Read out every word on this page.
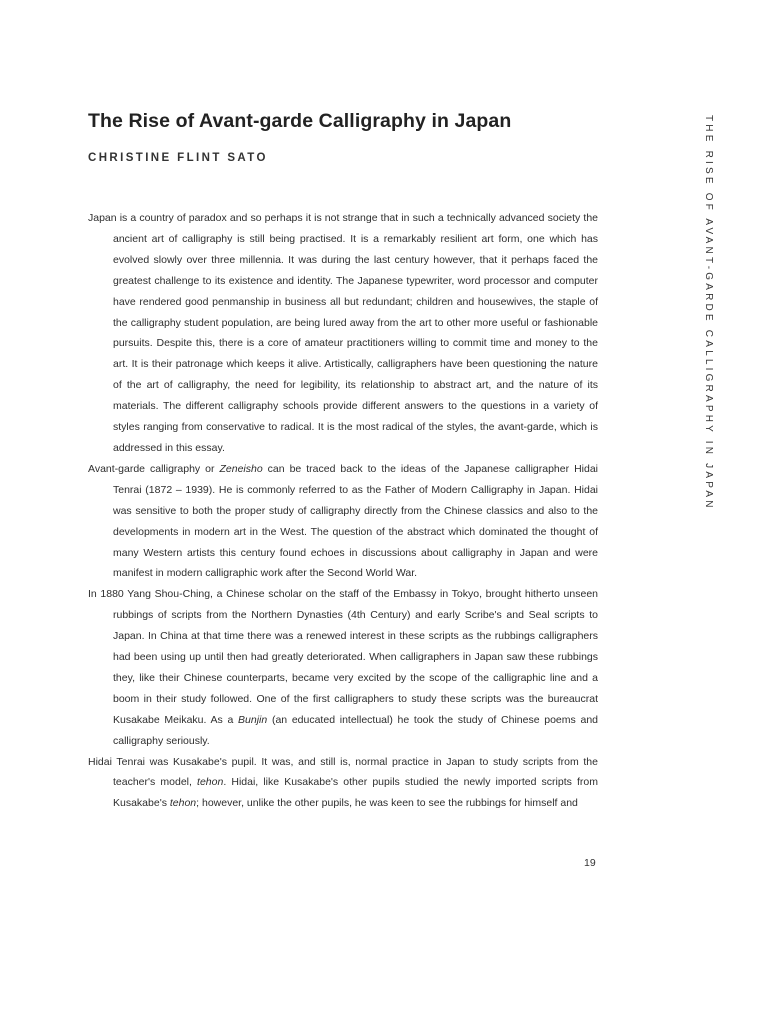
The Rise of Avant-garde Calligraphy in Japan
CHRISTINE FLINT SATO	THE RISE OF AVANT-GARDE CALLIGRAPHY IN JAPAN

Japan is a country of paradox and so perhaps it is not strange that in such a technically advanced society the ancient art of calligraphy is still being practised. It is a remarkably resilient art form, one which has evolved slowly over three millennia. It was during the last century however, that it perhaps faced the greatest challenge to its existence and identity. The Japanese typewriter, word processor and computer have rendered good penmanship in business all but redundant; children and housewives, the staple of the calligraphy student population, are being lured away from the art to other more useful or fashionable pursuits. Despite this, there is a core of amateur practitioners willing to commit time and money to the art. It is their patronage which keeps it alive. Artistically, calligraphers have been questioning the nature of the art of calligraphy, the need for legibility, its relationship to abstract art, and the nature of its materials. The different calligraphy schools provide different answers to the questions in a variety of styles ranging from conservative to radical. It is the most radical of the styles, the avant-garde, which is addressed in this essay.

Avant-garde calligraphy or Zeneisho can be traced back to the ideas of the Japanese calligrapher Hidai Tenrai (1872 – 1939). He is commonly referred to as the Father of Modern Calligraphy in Japan. Hidai was sensitive to both the proper study of calligraphy directly from the Chinese classics and also to the developments in modern art in the West. The question of the abstract which dominated the thought of many Western artists this century found echoes in discussions about calligraphy in Japan and were manifest in modern calligraphic work after the Second World War.

In 1880 Yang Shou-Ching, a Chinese scholar on the staff of the Embassy in Tokyo, brought hitherto unseen rubbings of scripts from the Northern Dynasties (4th Century) and early Scribe's and Seal scripts to Japan. In China at that time there was a renewed interest in these scripts as the rubbings calligraphers had been using up until then had greatly deteriorated. When calligraphers in Japan saw these rubbings they, like their Chinese counterparts, became very excited by the scope of the calligraphic line and a boom in their study followed. One of the first calligraphers to study these scripts was the bureaucrat Kusakabe Meikaku. As a Bunjin (an educated intellectual) he took the study of Chinese poems and calligraphy seriously.

Hidai Tenrai was Kusakabe's pupil. It was, and still is, normal practice in Japan to study scripts from the teacher's model, tehon. Hidai, like Kusakabe's other pupils studied the newly imported scripts from Kusakabe's tehon; however, unlike the other pupils, he was keen to see the rubbings for himself and

19
